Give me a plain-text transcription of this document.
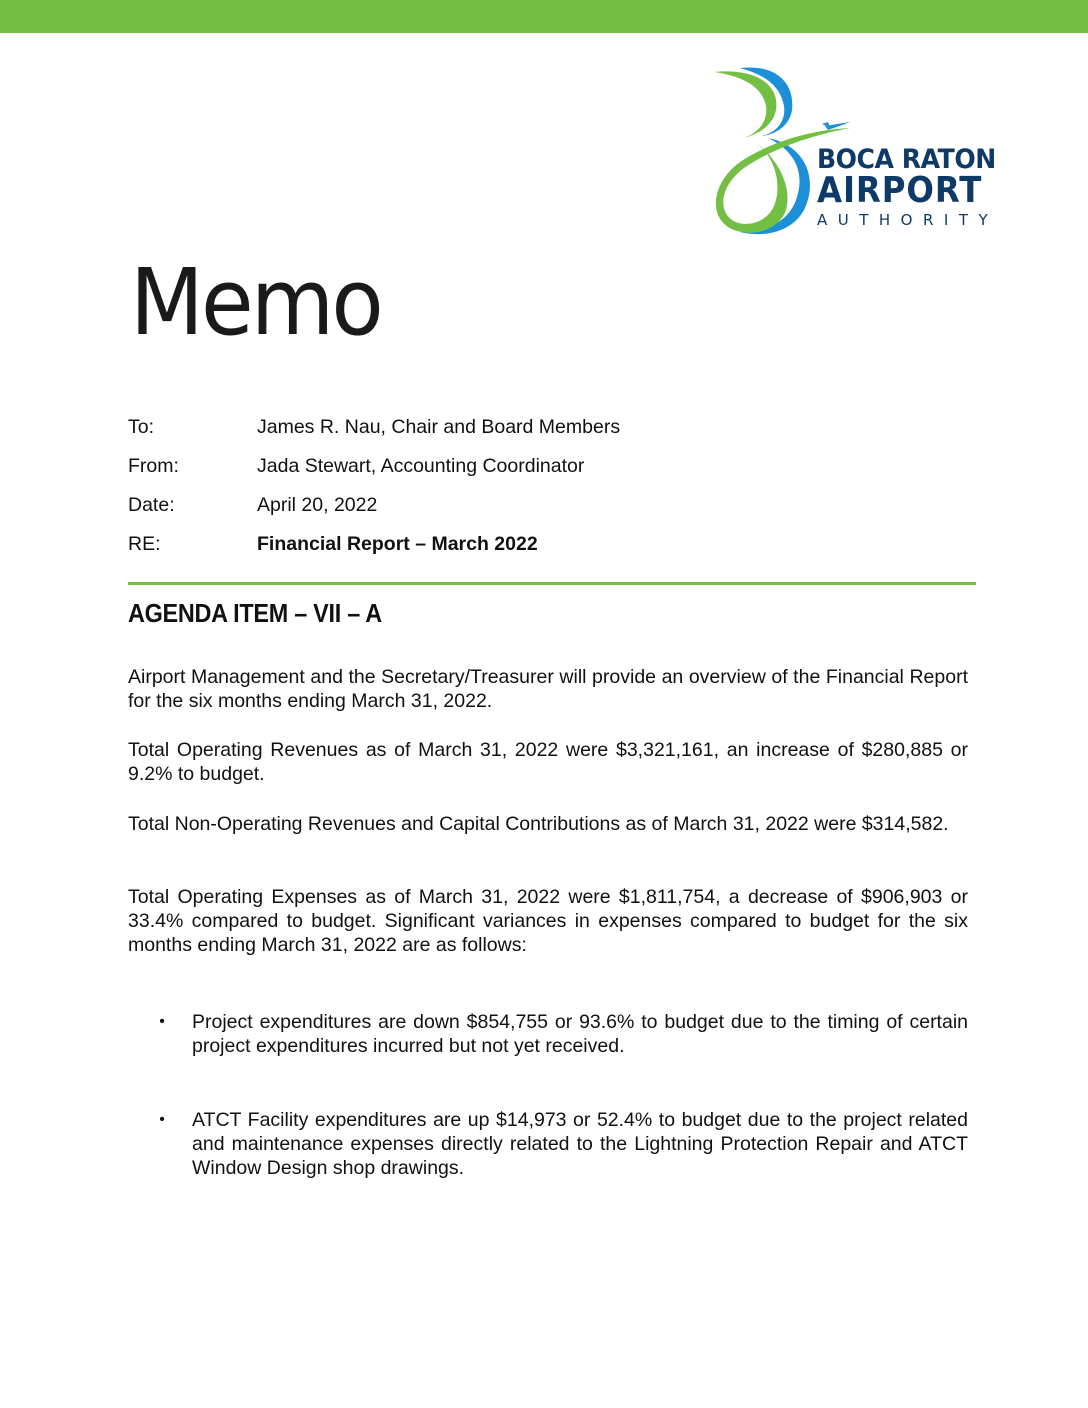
BOCA RATON
AIRPORT
AUTHORITY
Memo
To:	James R. Nau, Chair and Board Members
From:	Jada Stewart, Accounting Coordinator
Date:	April 20, 2022
RE:	Financial Report – March 2022
AGENDA ITEM – VII – A

Airport Management and the Secretary/Treasurer will provide an overview of the Financial Report for the six months ending March 31, 2022.

Total Operating Revenues as of March 31, 2022 were $3,321,161, an increase of $280,885 or 9.2% to budget.

Total Non-Operating Revenues and Capital Contributions as of March 31, 2022 were $314,582.

Total Operating Expenses as of March 31, 2022 were $1,811,754, a decrease of $906,903 or 33.4% compared to budget. Significant variances in expenses compared to budget for the six months ending March 31, 2022 are as follows:

•	Project expenditures are down $854,755 or 93.6% to budget due to the timing of certain project expenditures incurred but not yet received.
•	ATCT Facility expenditures are up $14,973 or 52.4% to budget due to the project related and maintenance expenses directly related to the Lightning Protection Repair and ATCT Window Design shop drawings.
